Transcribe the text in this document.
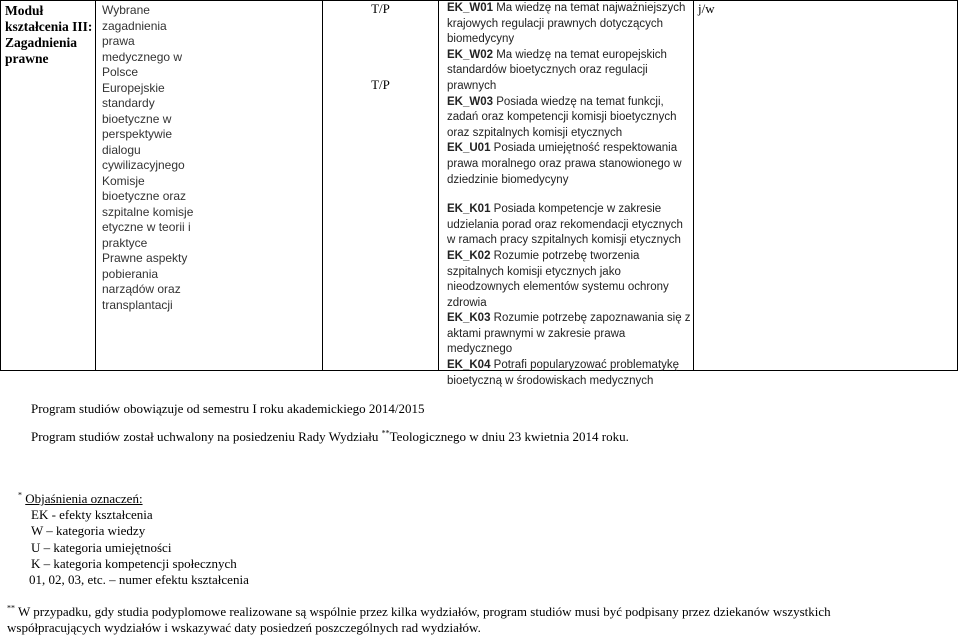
Moduł kształcenia III: Zagadnienia prawne
Wybrane zagadnienia prawa medycznego w Polsce
Europejskie standardy bioetyczne w perspektywie dialogu cywilizacyjnego
Komisje bioetyczne oraz szpitalne komisje etyczne w teorii i praktyce
Prawne aspekty pobierania narządów oraz transplantacji
T/P
T/P

EK_W01 Ma wiedzę na temat najważniejszych krajowych regulacji prawnych dotyczących biomedycyny

EK_W02 Ma wiedzę na temat europejskich standardów bioetycznych oraz regulacji prawnych

EK_W03 Posiada wiedzę na temat funkcji, zadań oraz kompetencji komisji bioetycznych oraz szpitalnych komisji etycznych

EK_U01 Posiada umiejętność respektowania prawa moralnego oraz prawa stanowionego w dziedzinie biomedycyny

EK_K01 Posiada kompetencje w zakresie udzielania porad oraz rekomendacji etycznych w ramach pracy szpitalnych komisji etycznych

EK_K02 Rozumie potrzebę tworzenia szpitalnych komisji etycznych jako nieodzownych elementów systemu ochrony zdrowia

EK_K03 Rozumie potrzebę zapoznawania się z aktami prawnymi w zakresie prawa medycznego

EK_K04 Potrafi popularyzować problematykę bioetyczną w środowiskach medycznych

j/w
Program studiów obowiązuje od semestru I roku akademickiego 2014/2015
Program studiów został uchwalony na posiedzeniu Rady Wydziału **Teologicznego w dniu 23 kwietnia 2014 roku.
* Objaśnienia oznaczeń:
EK - efekty kształcenia
W – kategoria wiedzy
U – kategoria umiejętności
K – kategoria kompetencji społecznych
01, 02, 03, etc. – numer efektu kształcenia
** W przypadku, gdy studia podyplomowe realizowane są wspólnie przez kilka wydziałów, program studiów musi być podpisany przez dziekanów wszystkich
współpracujących wydziałów i wskazywać daty posiedzeń poszczególnych rad wydziałów.
